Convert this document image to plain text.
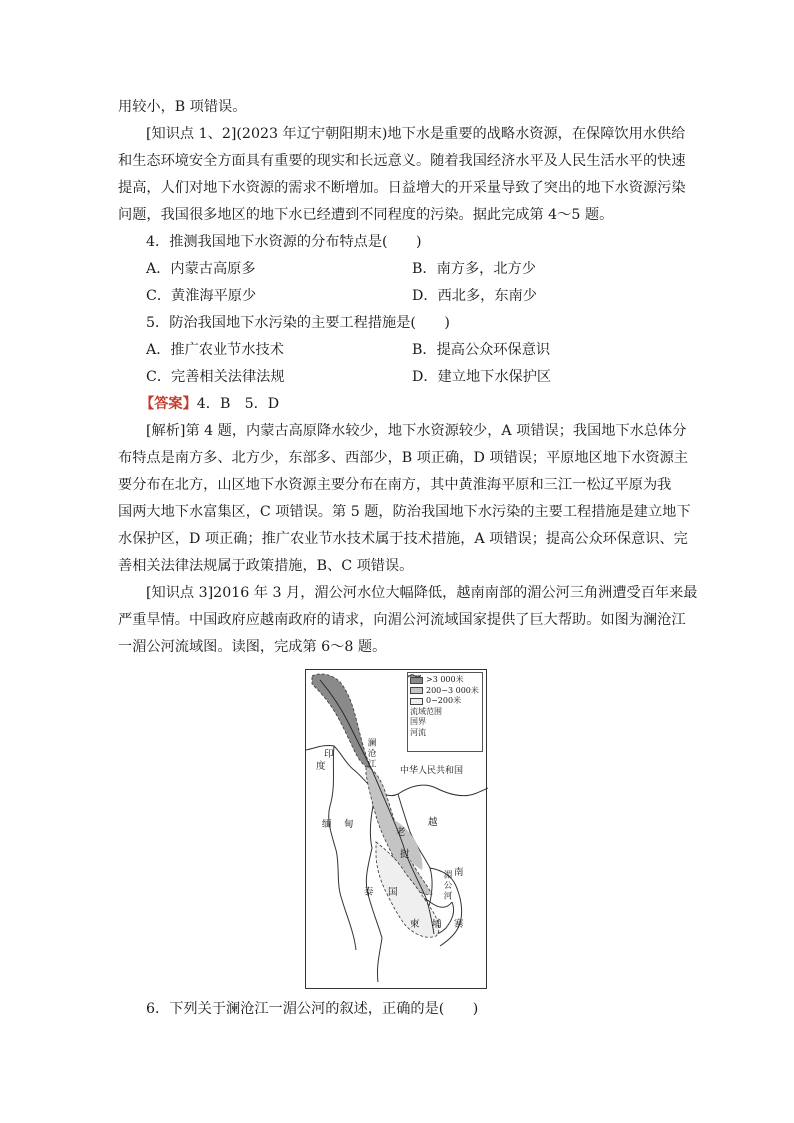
用较小，B 项错误。
[知识点 1、2](2023 年辽宁朝阳期末)地下水是重要的战略水资源，在保障饮用水供给
和生态环境安全方面具有重要的现实和长远意义。随着我国经济水平及人民生活水平的快速
提高，人们对地下水资源的需求不断增加。日益增大的开采量导致了突出的地下水资源污染
问题，我国很多地区的地下水已经遭到不同程度的污染。据此完成第 4～5 题。
4．推测我国地下水资源的分布特点是(　　)
A．内蒙古高原多	B．南方多，北方少
C．黄淮海平原少	D．西北多，东南少
5．防治我国地下水污染的主要工程措施是(　　)
A．推广农业节水技术	B．提高公众环保意识
C．完善相关法律法规	D．建立地下水保护区
【答案】4．B　5．D
[解析]第 4 题，内蒙古高原降水较少，地下水资源较少，A 项错误；我国地下水总体分
布特点是南方多、北方少，东部多、西部少，B 项正确，D 项错误；平原地区地下水资源主
要分布在北方，山区地下水资源主要分布在南方，其中黄淮海平原和三江一松辽平原为我
国两大地下水富集区，C 项错误。第 5 题，防治我国地下水污染的主要工程措施是建立地下
水保护区，D 项正确；推广农业节水技术属于技术措施，A 项错误；提高公众环保意识、完
善相关法律法规属于政策措施，B、C 项错误。
[知识点 3]2016 年 3 月，湄公河水位大幅降低，越南南部的湄公河三角洲遭受百年来最
严重旱情。中国政府应越南政府的请求，向湄公河流域国家提供了巨大帮助。如图为澜沧江
一湄公河流域图。读图，完成第 6～8 题。
>3 000米
200~3 000米
0~200米
流域范围
国界
河流
印
度	中华人民共和国
澜沧江
缅 甸
老
挝
越
南
泰 国	湄公河
柬 埔 寨
6．下列关于澜沧江一湄公河的叙述，正确的是(　　)
